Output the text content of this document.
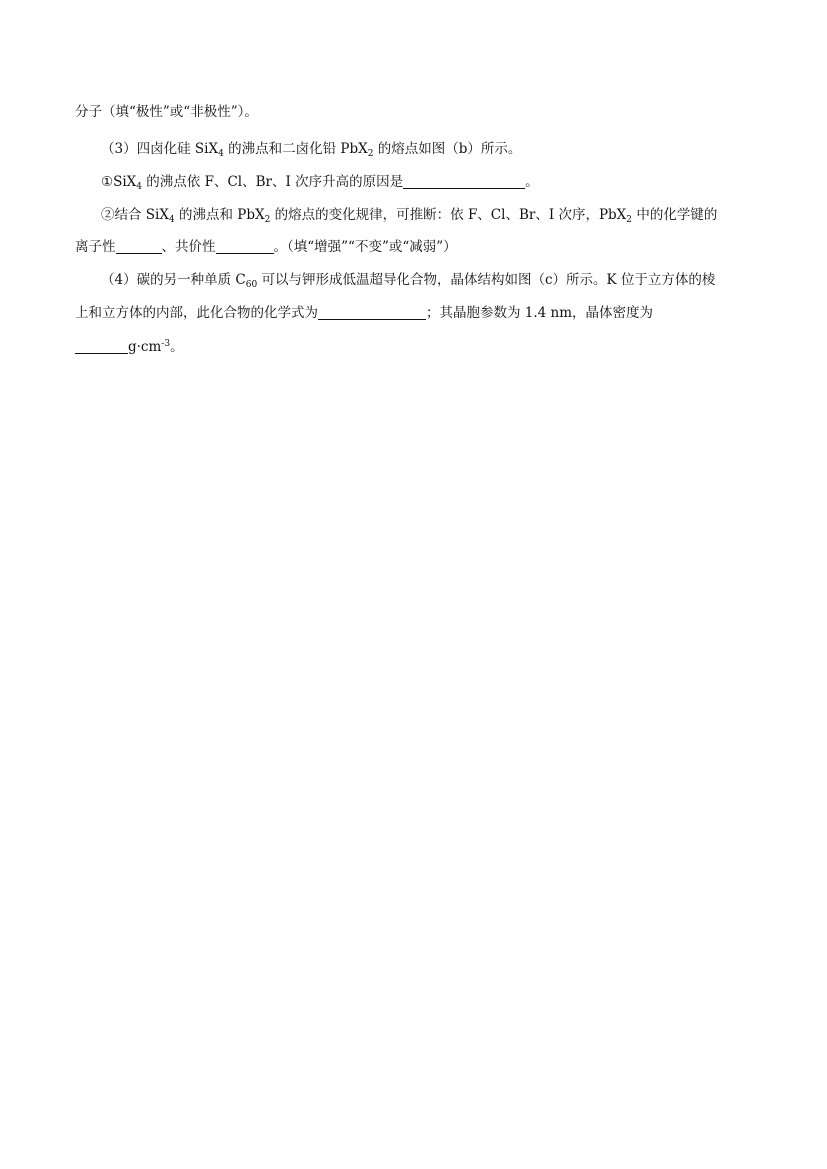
分子（填“极性”或“非极性”）。
（3）四卤化硅 SiX$_4$ 的沸点和二卤化铅 PbX$_2$ 的熔点如图（b）所示。
①SiX$_4$ 的沸点依 F、Cl、Br、I 次序升高的原因是	。
②结合 SiX$_4$ 的沸点和 PbX$_2$ 的熔点的变化规律，可推断：依 F、Cl、Br、I 次序，PbX$_2$ 中的化学键的
离子性	、共价性	。（填“增强”“不变”或“减弱”）
（4）碳的另一种单质 $C_{60}$ 可以与钾形成低温超导化合物，晶体结构如图（c）所示。K 位于立方体的棱
上和立方体的内部，此化合物的化学式为	；其晶胞参数为 1.4 nm，晶体密度为
$g\cdot cm^{-3}$。
